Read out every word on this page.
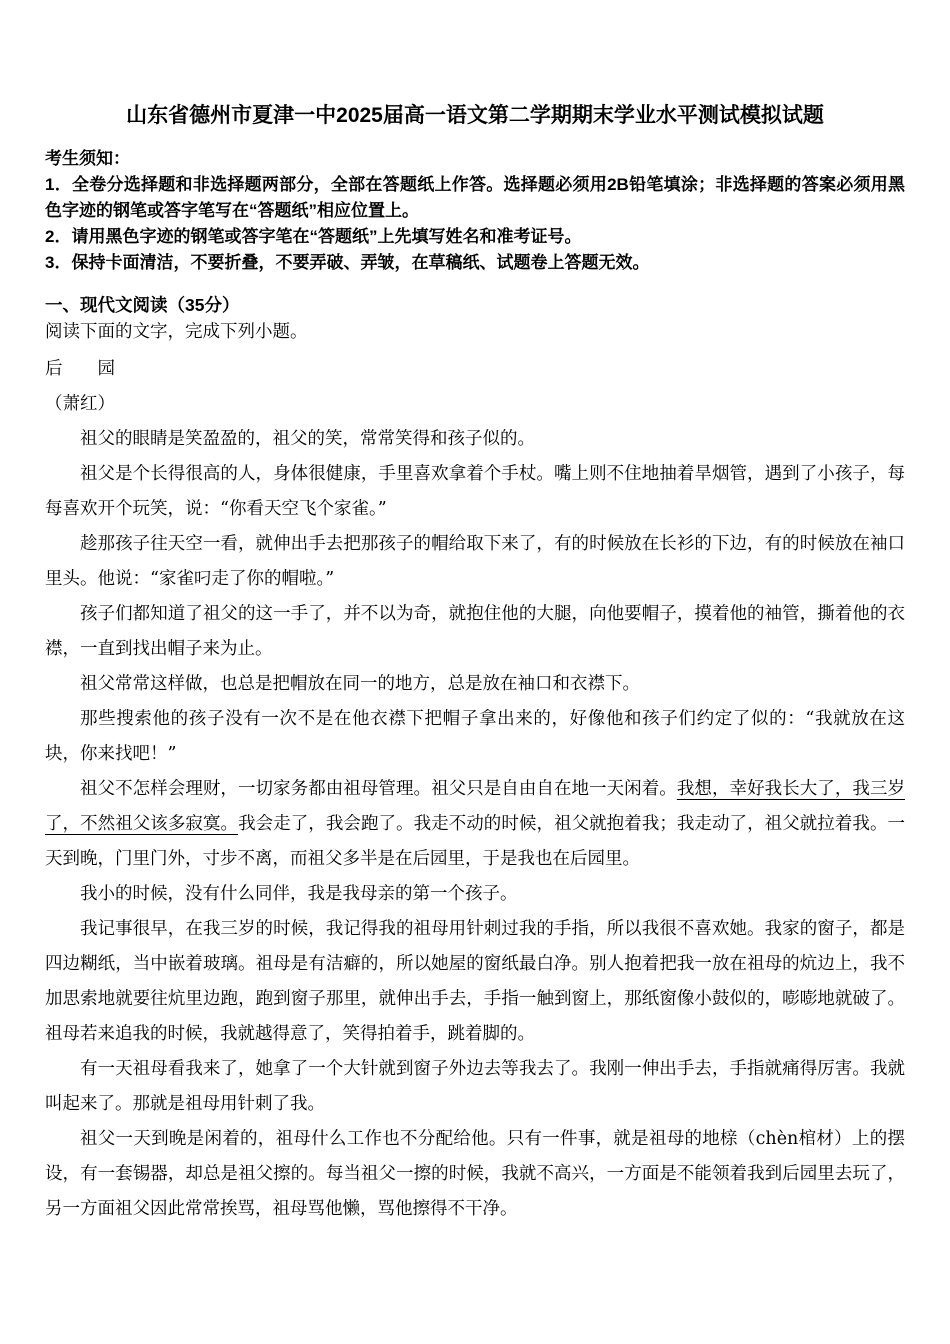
山东省德州市夏津一中2025届高一语文第二学期期末学业水平测试模拟试题

考生须知：

1．全卷分选择题和非选择题两部分，全部在答题纸上作答。选择题必须用2B铅笔填涂；非选择题的答案必须用黑色字迹的钢笔或答字笔写在“答题纸”相应位置上。

2．请用黑色字迹的钢笔或答字笔在“答题纸”上先填写姓名和准考证号。

3．保持卡面清洁，不要折叠，不要弄破、弄皱，在草稿纸、试题卷上答题无效。

一、现代文阅读（35分）

阅读下面的文字，完成下列小题。

后　　园

（萧红）

祖父的眼睛是笑盈盈的，祖父的笑，常常笑得和孩子似的。

祖父是个长得很高的人，身体很健康，手里喜欢拿着个手杖。嘴上则不住地抽着旱烟管，遇到了小孩子，每每喜欢开个玩笑，说：“你看天空飞个家雀。”

趁那孩子往天空一看，就伸出手去把那孩子的帽给取下来了，有的时候放在长衫的下边，有的时候放在袖口里头。他说：“家雀叼走了你的帽啦。”

孩子们都知道了祖父的这一手了，并不以为奇，就抱住他的大腿，向他要帽子，摸着他的袖管，撕着他的衣襟，一直到找出帽子来为止。

祖父常常这样做，也总是把帽放在同一的地方，总是放在袖口和衣襟下。

那些搜索他的孩子没有一次不是在他衣襟下把帽子拿出来的，好像他和孩子们约定了似的：“我就放在这块，你来找吧！”

祖父不怎样会理财，一切家务都由祖母管理。祖父只是自由自在地一天闲着。我想，幸好我长大了，我三岁了，不然祖父该多寂寞。我会走了，我会跑了。我走不动的时候，祖父就抱着我；我走动了，祖父就拉着我。一天到晚，门里门外，寸步不离，而祖父多半是在后园里，于是我也在后园里。

我小的时候，没有什么同伴，我是我母亲的第一个孩子。

我记事很早，在我三岁的时候，我记得我的祖母用针刺过我的手指，所以我很不喜欢她。我家的窗子，都是四边糊纸，当中嵌着玻璃。祖母是有洁癖的，所以她屋的窗纸最白净。别人抱着把我一放在祖母的炕边上，我不加思索地就要往炕里边跑，跑到窗子那里，就伸出手去，手指一触到窗上，那纸窗像小鼓似的，嘭嘭地就破了。祖母若来追我的时候，我就越得意了，笑得拍着手，跳着脚的。

有一天祖母看我来了，她拿了一个大针就到窗子外边去等我去了。我刚一伸出手去，手指就痛得厉害。我就叫起来了。那就是祖母用针刺了我。

祖父一天到晚是闲着的，祖母什么工作也不分配给他。只有一件事，就是祖母的地榇（chèn棺材）上的摆设，有一套锡器，却总是祖父擦的。每当祖父一擦的时候，我就不高兴，一方面是不能领着我到后园里去玩了，另一方面祖父因此常常挨骂，祖母骂他懒，骂他擦得不干净。
